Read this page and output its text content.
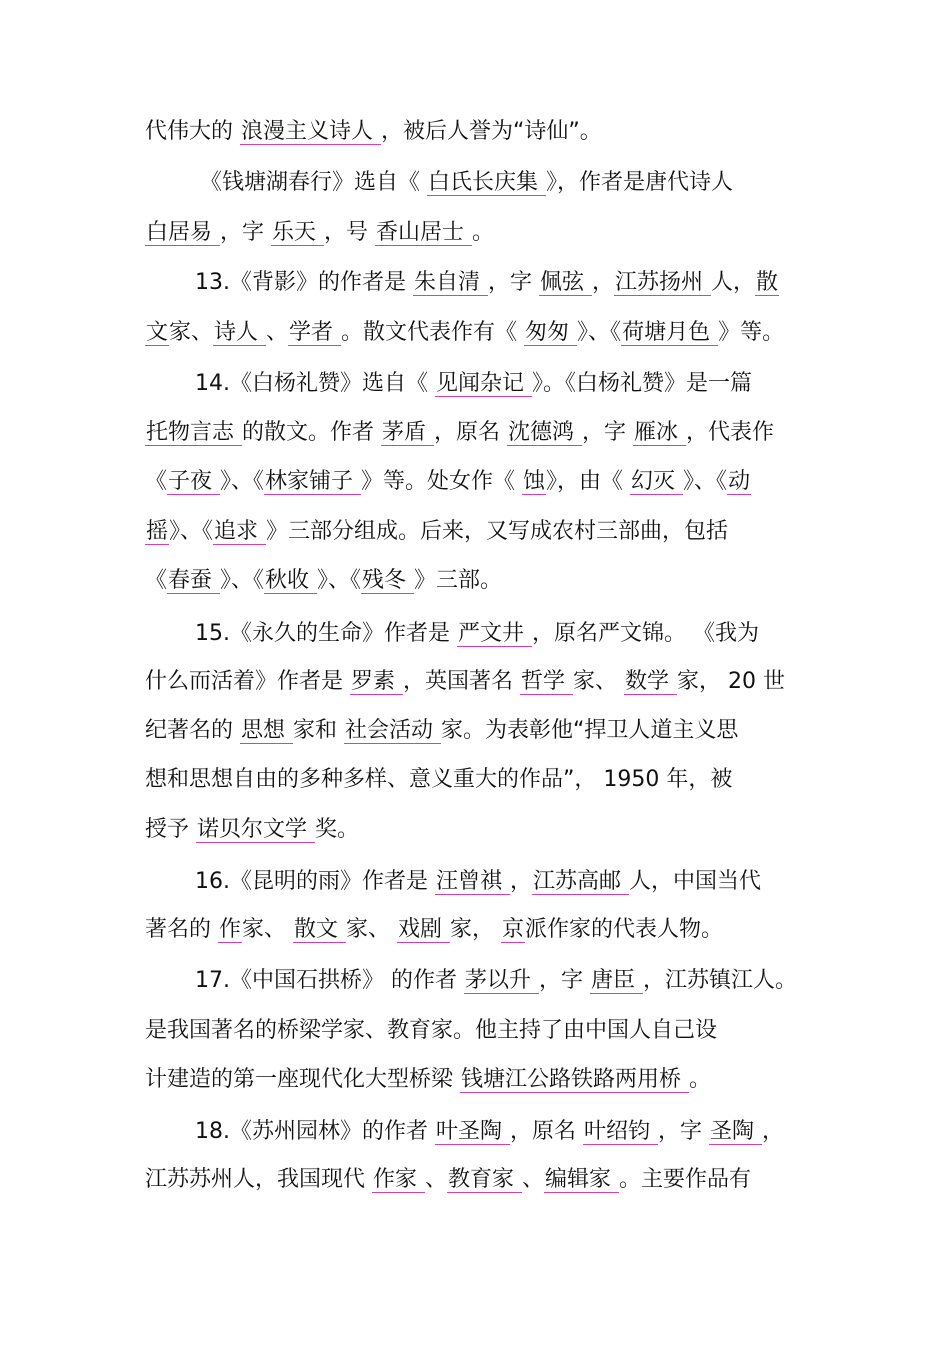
代伟大的 浪漫主义诗人 ，被后人誉为“诗仙”。
《钱塘湖春行》选自《 白氏长庆集 》，作者是唐代诗人
白居易 ，字 乐天 ，号 香山居士 。
13.《背影》的作者是 朱自清 ，字 佩弦 ，江苏扬州 人，散
文家、诗人 、学者 。散文代表作有《 匆匆 》、《荷塘月色 》等。
14.《白杨礼赞》选自《 见闻杂记 》。《白杨礼赞》是一篇
托物言志 的散文。作者 茅盾 ，原名 沈德鸿 ，字 雁冰 ，代表作
《子夜 》、《林家铺子 》等。处女作《 蚀》，由《 幻灭 》、《动
摇》、《追求 》三部分组成。后来，又写成农村三部曲，包括
《春蚕 》、《秋收 》、《残冬 》三部。
15.《永久的生命》作者是 严文井 ，原名严文锦。 《我为
什么而活着》作者是 罗素 ，英国著名 哲学 家、 数学 家， 20 世
纪著名的 思想 家和 社会活动 家。为表彰他“捍卫人道主义思
想和思想自由的多种多样、意义重大的作品”， 1950 年，被
授予 诺贝尔文学 奖。
16.《昆明的雨》作者是 汪曾祺 ，江苏高邮 人，中国当代
著名的 作家、 散文 家、 戏剧 家， 京派作家的代表人物。
17.《中国石拱桥》 的作者 茅以升 ，字 唐臣 ，江苏镇江人。
是我国著名的桥梁学家、教育家。他主持了由中国人自己设
计建造的第一座现代化大型桥梁 钱塘江公路铁路两用桥 。
18.《苏州园林》的作者 叶圣陶 ，原名 叶绍钧 ，字 圣陶 ，
江苏苏州人，我国现代 作家 、教育家 、编辑家 。主要作品有
